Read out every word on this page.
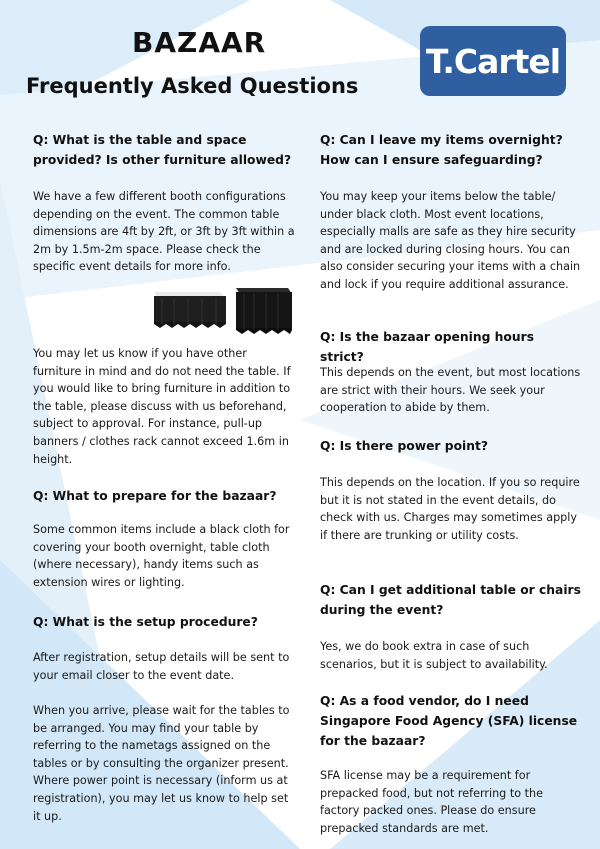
BAZAAR
Frequently Asked Questions
T.Cartel

Q: What is the table and space provided? Is other furniture allowed?

We have a few different booth configurations depending on the event. The common table dimensions are 4ft by 2ft, or 3ft by 3ft within a 2m by 1.5m-2m space. Please check the specific event details for more info.

You may let us know if you have other furniture in mind and do not need the table. If you would like to bring furniture in addition to the table, please discuss with us beforehand, subject to approval. For instance, pull-up banners / clothes rack cannot exceed 1.6m in height.

Q: What to prepare for the bazaar?

Some common items include a black cloth for covering your booth overnight, table cloth (where necessary), handy items such as extension wires or lighting.

Q: What is the setup procedure?

After registration, setup details will be sent to your email closer to the event date.

When you arrive, please wait for the tables to be arranged. You may find your table by referring to the nametags assigned on the tables or by consulting the organizer present. Where power point is necessary (inform us at registration), you may let us know to help set it up.

Q: Can I leave my items overnight? How can I ensure safeguarding?

You may keep your items below the table/ under black cloth. Most event locations, especially malls are safe as they hire security and are locked during closing hours. You can also consider securing your items with a chain and lock if you require additional assurance.

Q: Is the bazaar opening hours strict?

This depends on the event, but most locations are strict with their hours. We seek your cooperation to abide by them.

Q: Is there power point?

This depends on the location. If you so require but it is not stated in the event details, do check with us. Charges may sometimes apply if there are trunking or utility costs.

Q: Can I get additional table or chairs during the event?

Yes, we do book extra in case of such scenarios, but it is subject to availability.

Q: As a food vendor, do I need Singapore Food Agency (SFA) license for the bazaar?

SFA license may be a requirement for prepacked food, but not referring to the factory packed ones. Please do ensure prepacked standards are met.
